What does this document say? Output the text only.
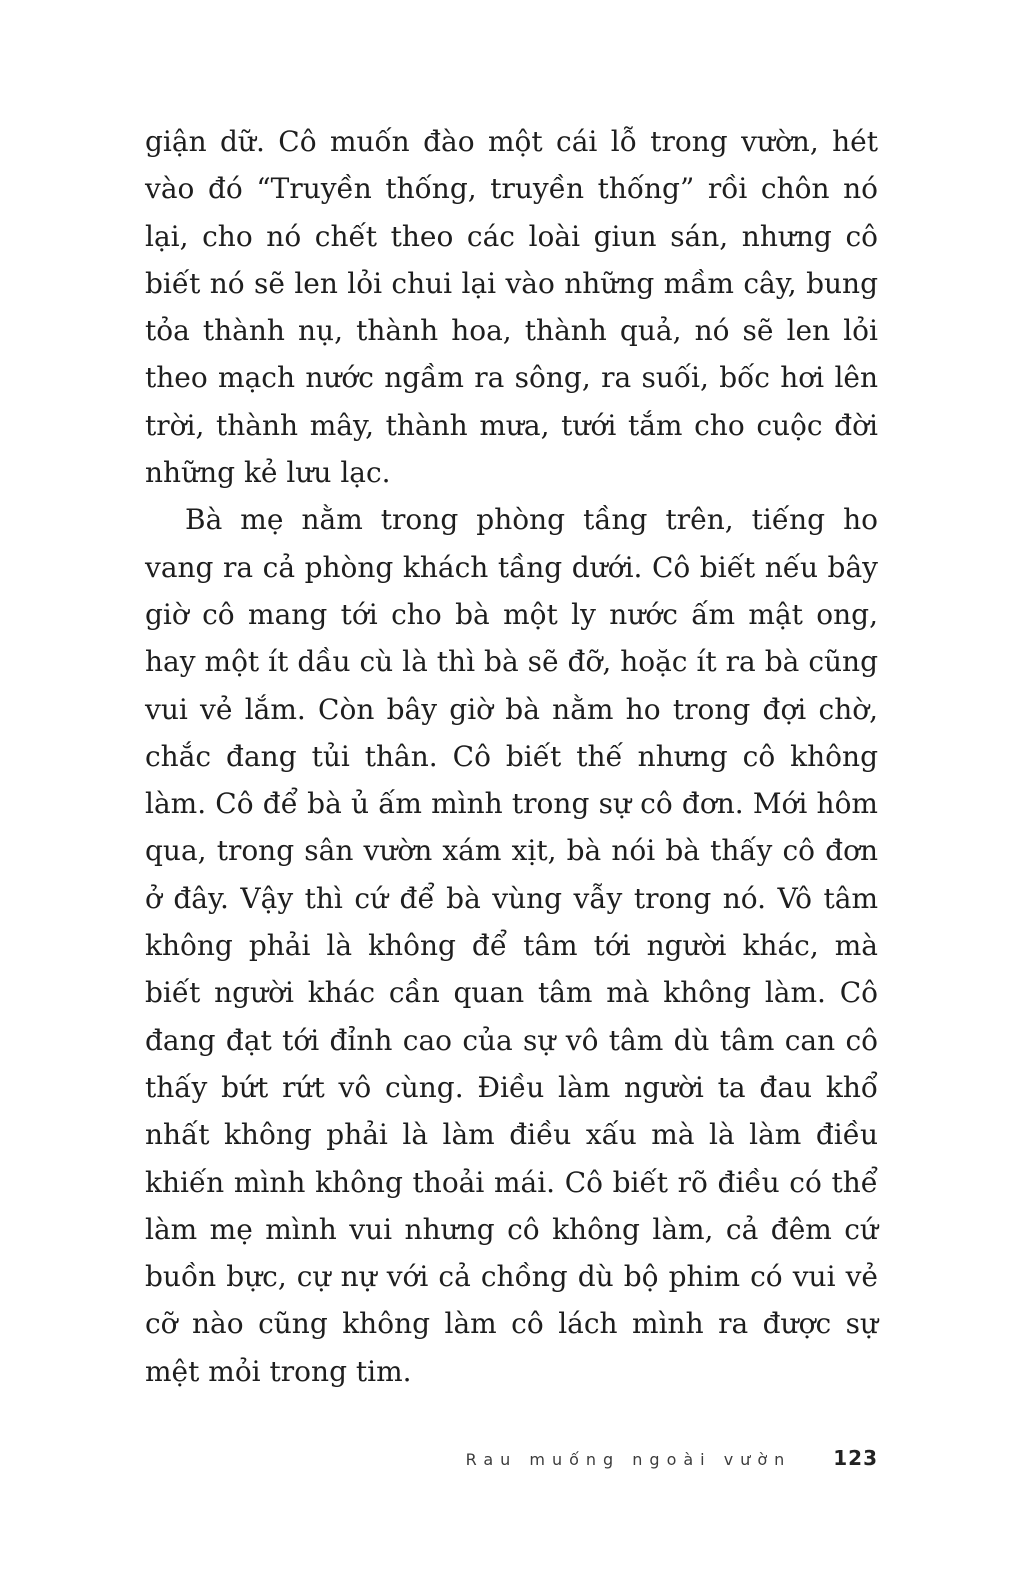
giận dữ. Cô muốn đào một cái lỗ trong vườn, hét vào đó “Truyền thống, truyền thống” rồi chôn nó lại, cho nó chết theo các loài giun sán, nhưng cô biết nó sẽ len lỏi chui lại vào những mầm cây, bung tỏa thành nụ, thành hoa, thành quả, nó sẽ len lỏi theo mạch nước ngầm ra sông, ra suối, bốc hơi lên trời, thành mây, thành mưa, tưới tắm cho cuộc đời những kẻ lưu lạc.

Bà mẹ nằm trong phòng tầng trên, tiếng ho vang ra cả phòng khách tầng dưới. Cô biết nếu bây giờ cô mang tới cho bà một ly nước ấm mật ong, hay một ít dầu cù là thì bà sẽ đỡ, hoặc ít ra bà cũng vui vẻ lắm. Còn bây giờ bà nằm ho trong đợi chờ, chắc đang tủi thân. Cô biết thế nhưng cô không làm. Cô để bà ủ ấm mình trong sự cô đơn. Mới hôm qua, trong sân vườn xám xịt, bà nói bà thấy cô đơn ở đây. Vậy thì cứ để bà vùng vẫy trong nó. Vô tâm không phải là không để tâm tới người khác, mà biết người khác cần quan tâm mà không làm. Cô đang đạt tới đỉnh cao của sự vô tâm dù tâm can cô thấy bứt rứt vô cùng. Điều làm người ta đau khổ nhất không phải là làm điều xấu mà là làm điều khiến mình không thoải mái. Cô biết rõ điều có thể làm mẹ mình vui nhưng cô không làm, cả đêm cứ buồn bực, cự nự với cả chồng dù bộ phim có vui vẻ cỡ nào cũng không làm cô lách mình ra được sự mệt mỏi trong tim.

Rau muống ngoài vườn 123
